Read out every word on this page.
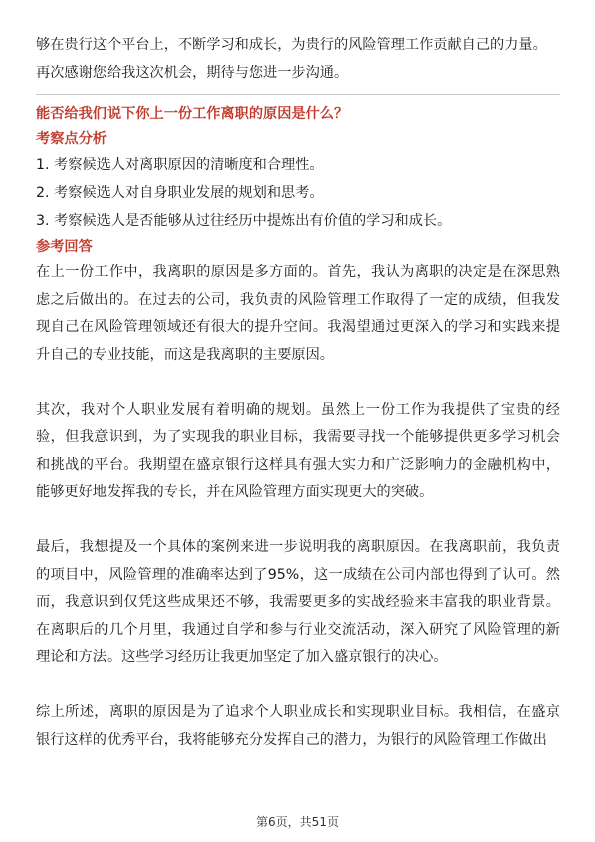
够在贵行这个平台上，不断学习和成长，为贵行的风险管理工作贡献自己的力量。

再次感谢您给我这次机会，期待与您进一步沟通。

能否给我们说下你上一份工作离职的原因是什么？

考察点分析

1. 考察候选人对离职原因的清晰度和合理性。

2. 考察候选人对自身职业发展的规划和思考。

3. 考察候选人是否能够从过往经历中提炼出有价值的学习和成长。

参考回答

在上一份工作中，我离职的原因是多方面的。首先，我认为离职的决定是在深思熟虑之后做出的。在过去的公司，我负责的风险管理工作取得了一定的成绩，但我发现自己在风险管理领域还有很大的提升空间。我渴望通过更深入的学习和实践来提升自己的专业技能，而这是我离职的主要原因。

其次，我对个人职业发展有着明确的规划。虽然上一份工作为我提供了宝贵的经验，但我意识到，为了实现我的职业目标，我需要寻找一个能够提供更多学习机会和挑战的平台。我期望在盛京银行这样具有强大实力和广泛影响力的金融机构中，能够更好地发挥我的专长，并在风险管理方面实现更大的突破。

最后，我想提及一个具体的案例来进一步说明我的离职原因。在我离职前，我负责的项目中，风险管理的准确率达到了95%，这一成绩在公司内部也得到了认可。然而，我意识到仅凭这些成果还不够，我需要更多的实战经验来丰富我的职业背景。在离职后的几个月里，我通过自学和参与行业交流活动，深入研究了风险管理的新理论和方法。这些学习经历让我更加坚定了加入盛京银行的决心。

综上所述，离职的原因是为了追求个人职业成长和实现职业目标。我相信，在盛京银行这样的优秀平台，我将能够充分发挥自己的潜力，为银行的风险管理工作做出

第6页，共51页
